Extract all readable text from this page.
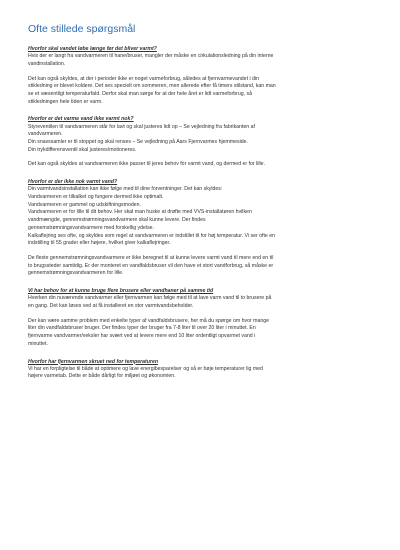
Ofte stillede spørgsmål
Hvorfor skal vandet løbe længe før det bliver varmt?
Hvis der er langt fra vandvarmeren til hane/bruser, mangler der måske en cirkulationsledning på din interne
vandinstallation.
Det kan også skyldes, at der i perioder ikke er noget varmeforbrug, således at fjernvarmevandet i din
stikledning er blevet koldere. Det ses specielt om sommeren, men allerede efter få timers stilstand, kan man
se et væsentligt temperaturfald. Derfor skal man sørge for at der hele året er lidt varmeforbrug, så
stikledningen hele tiden er varm.
Hvorfor er det varme vand ikke varmt nok?
Styreventilen til vandvarmeren står for lavt og skal justeres lidt op – Se vejledning fra fabrikanten af
vandvarmeren.
Din snavssamler er til stoppet og skal renses – Se vejledning på Aars Fjernvarmes hjemmeside.
Din trykdifferensventil skal justeres/motioneres.
Det kan også skyldes at vandvarmeren ikke passer til jeres behov for varmt vand, og dermed er for lille.
Hvorfor er der ikke nok varmt vand?
Din varmtvandsinstallation kan ikke følge med til dine forventninger. Det kan skyldes:
Vandvarmeren er tilkalket og fungere dermed ikke optimalt.
Vandvarmeren er gammel og udskiftningsmoden.
Vandvarmeren er for lille til dit behov. Her skal man huske at drøfte med VVS-installatøren hvilken
vandmængde, gennemstrømningsvandvarmere skal kunne levere. Der findes
gennemstrømningsvandvarmere med forskellig ydelse.
Kalkaflejring ses ofte, og skyldes som regel at vandvarmeren er indstillet til for høj temperatur. Vi ser ofte en
indstilling til 55 grader eller højere, hvilket giver kalkaflejringer.
De fleste gennemstrømningsvandvarmere er ikke beregnet til at kunne levere varmt vand til mere end en til
to brugssteder samtidig. Er der monteret en vandfaldsbruser vil den have et stort vandforbrug, så måske er
gennemstrømningsvandvarmeren for lille.
Vi har behov for at kunne bruge flere brusere eller vandhaner på samme tid
Hverken din nuværende vandvarmer eller fjernvarmen kan følge med til at lave varm vand til to brusere på
en gang. Det kan løses ved at få installeret en stor varmtvandsbeholder.
Der kan være samme problem med enkelte typer af vandfaldsbrusere, her må du spørge om hvor mange
liter din vandfaldsbruser bruger. Der findes typer der bruger fra 7-8 liter til over 20 liter i minuttet. En
fjernvarme vandvarmer/veksler har svært ved at levere mere end 10 liter ordentligt opvarmet vand i
minuttet.
Hvorfor har fjernvarmen skruet ned for temperaturen
Vi har en forpligtelse til både at optimere og lave energibesparelser og så er høje temperaturer lig med
højere varmetab. Dette er både dårligt for miljøet og økonomien.
